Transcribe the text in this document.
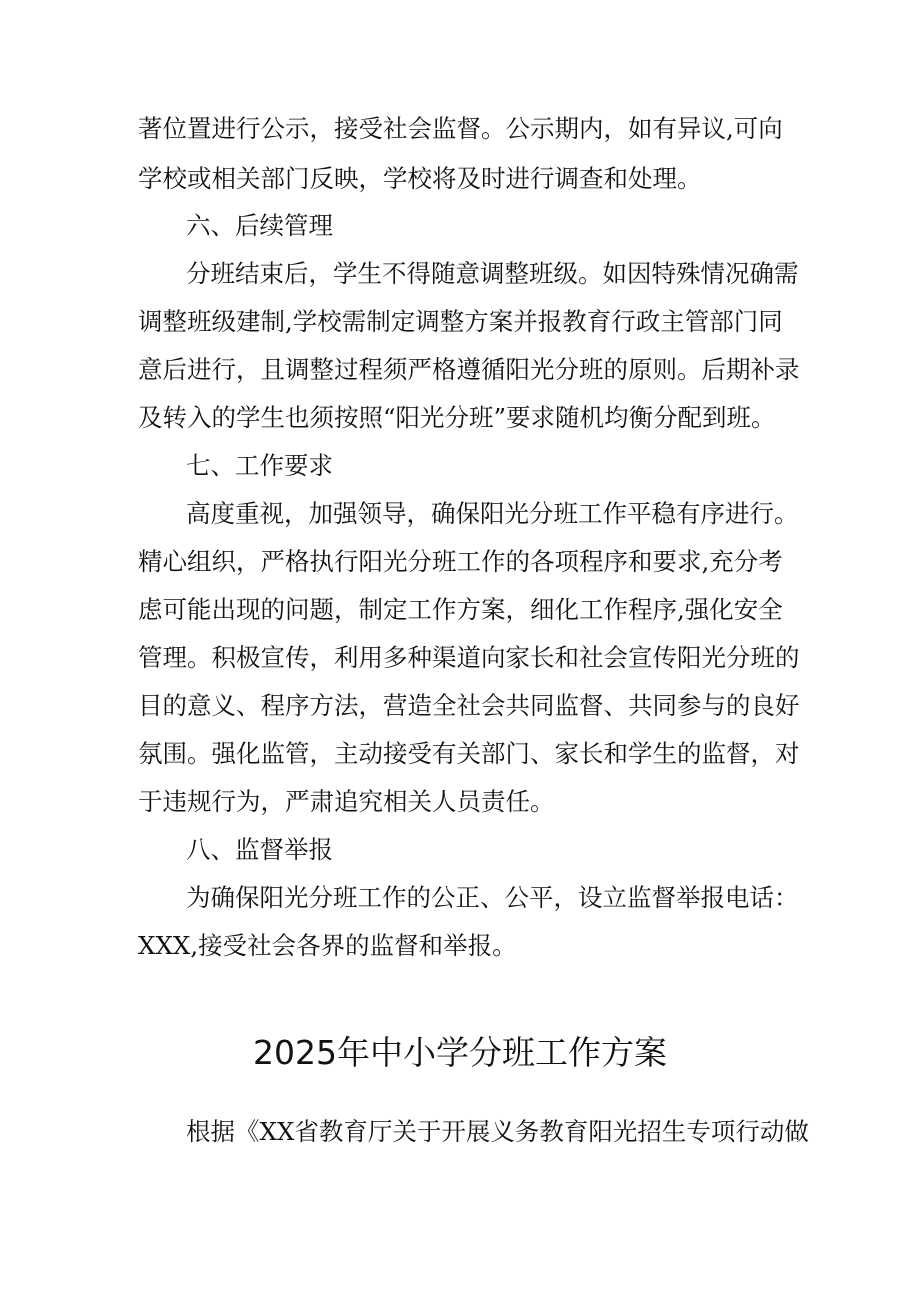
著位置进行公示，接受社会监督。公示期内，如有异议,可向
学校或相关部门反映，学校将及时进行调查和处理。
六、后续管理
分班结束后，学生不得随意调整班级。如因特殊情况确需
调整班级建制,学校需制定调整方案并报教育行政主管部门同
意后进行，且调整过程须严格遵循阳光分班的原则。后期补录
及转入的学生也须按照“阳光分班”要求随机均衡分配到班。
七、工作要求
高度重视，加强领导，确保阳光分班工作平稳有序进行。
精心组织，严格执行阳光分班工作的各项程序和要求,充分考
虑可能出现的问题，制定工作方案，细化工作程序,强化安全
管理。积极宣传，利用多种渠道向家长和社会宣传阳光分班的
目的意义、程序方法，营造全社会共同监督、共同参与的良好
氛围。强化监管，主动接受有关部门、家长和学生的监督，对
于违规行为，严肃追究相关人员责任。
八、监督举报
为确保阳光分班工作的公正、公平，设立监督举报电话：
XXX,接受社会各界的监督和举报。
2025年中小学分班工作方案
根据《XX省教育厅关于开展义务教育阳光招生专项行动做
